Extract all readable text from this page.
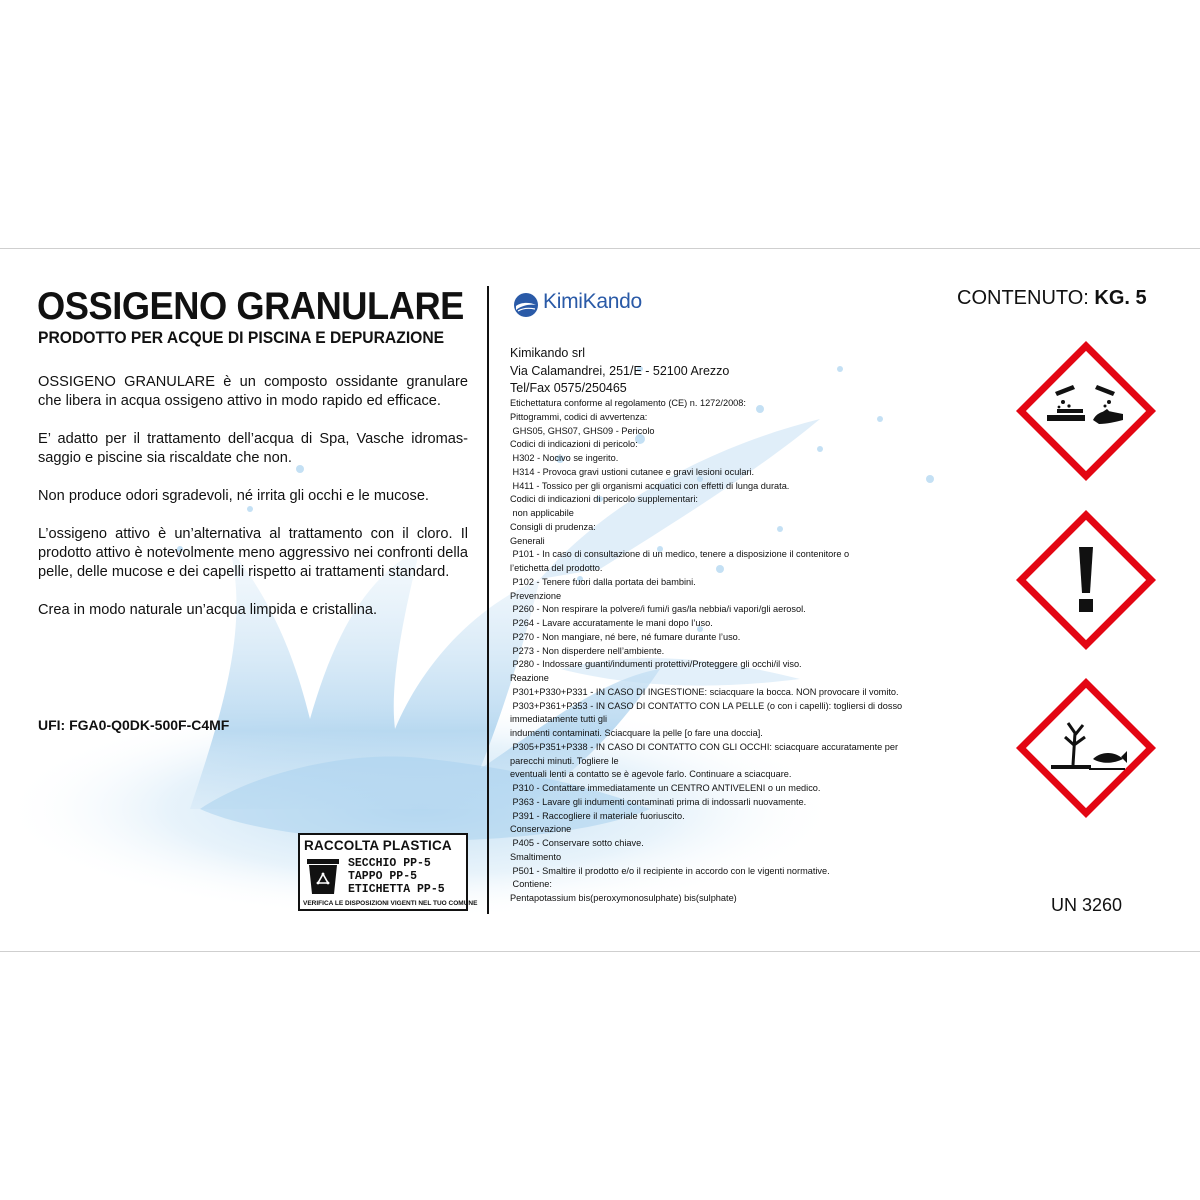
OSSIGENO GRANULARE
PRODOTTO PER ACQUE DI PISCINA E DEPURAZIONE

OSSIGENO GRANULARE è un composto ossidante granulare che libera in acqua ossigeno attivo in modo rapido ed efficace.

E’ adatto per il trattamento dell’acqua di Spa, Vasche idromas-saggio e piscine sia riscaldate che non.

Non produce odori sgradevoli, né irrita gli occhi e le mucose.

L’ossigeno attivo è un’alternativa al trattamento con il cloro. Il prodotto attivo è notevolmente meno aggressivo nei confronti della pelle, delle mucose e dei capelli rispetto ai trattamenti standard.

Crea in modo naturale un’acqua limpida e cristallina.

UFI: FGA0-Q0DK-500F-C4MF
RACCOLTA PLASTICA
SECCHIO PP-5
TAPPO PP-5
ETICHETTA PP-5
VERIFICA LE DISPOSIZIONI VIGENTI NEL TUO COMUNE
KimiKando
Kimikando srl
Via Calamandrei, 251/E - 52100 Arezzo
Tel/Fax 0575/250465
Etichettatura conforme al regolamento (CE) n. 1272/2008:
Pittogrammi, codici di avvertenza:
GHS05, GHS07, GHS09 - Pericolo
Codici di indicazioni di pericolo:
H302 - Nocivo se ingerito.
H314 - Provoca gravi ustioni cutanee e gravi lesioni oculari.
H411 - Tossico per gli organismi acquatici con effetti di lunga durata.
Codici di indicazioni di pericolo supplementari:
non applicabile
Consigli di prudenza:
Generali
P101 - In caso di consultazione di un medico, tenere a disposizione il contenitore o
l’etichetta del prodotto.
P102 - Tenere fuori dalla portata dei bambini.
Prevenzione
P260 - Non respirare la polvere/i fumi/i gas/la nebbia/i vapori/gli aerosol.
P264 - Lavare accuratamente le mani dopo l’uso.
P270 - Non mangiare, né bere, né fumare durante l’uso.
P273 - Non disperdere nell’ambiente.
P280 - Indossare guanti/indumenti protettivi/Proteggere gli occhi/il viso.
Reazione
P301+P330+P331 - IN CASO DI INGESTIONE: sciacquare la bocca. NON provocare il vomito.
P303+P361+P353 - IN CASO DI CONTATTO CON LA PELLE (o con i capelli): togliersi di dosso
immediatamente tutti gli
indumenti contaminati. Sciacquare la pelle [o fare una doccia].
P305+P351+P338 - IN CASO DI CONTATTO CON GLI OCCHI: sciacquare accuratamente per
parecchi minuti. Togliere le
eventuali lenti a contatto se è agevole farlo. Continuare a sciacquare.
P310 - Contattare immediatamente un CENTRO ANTIVELENI o un medico.
P363 - Lavare gli indumenti contaminati prima di indossarli nuovamente.
P391 - Raccogliere il materiale fuoriuscito.
Conservazione
P405 - Conservare sotto chiave.
Smaltimento
P501 - Smaltire il prodotto e/o il recipiente in accordo con le vigenti normative.
Contiene:
Pentapotassium bis(peroxymonosulphate) bis(sulphate)
CONTENUTO: KG. 5
UN 3260
